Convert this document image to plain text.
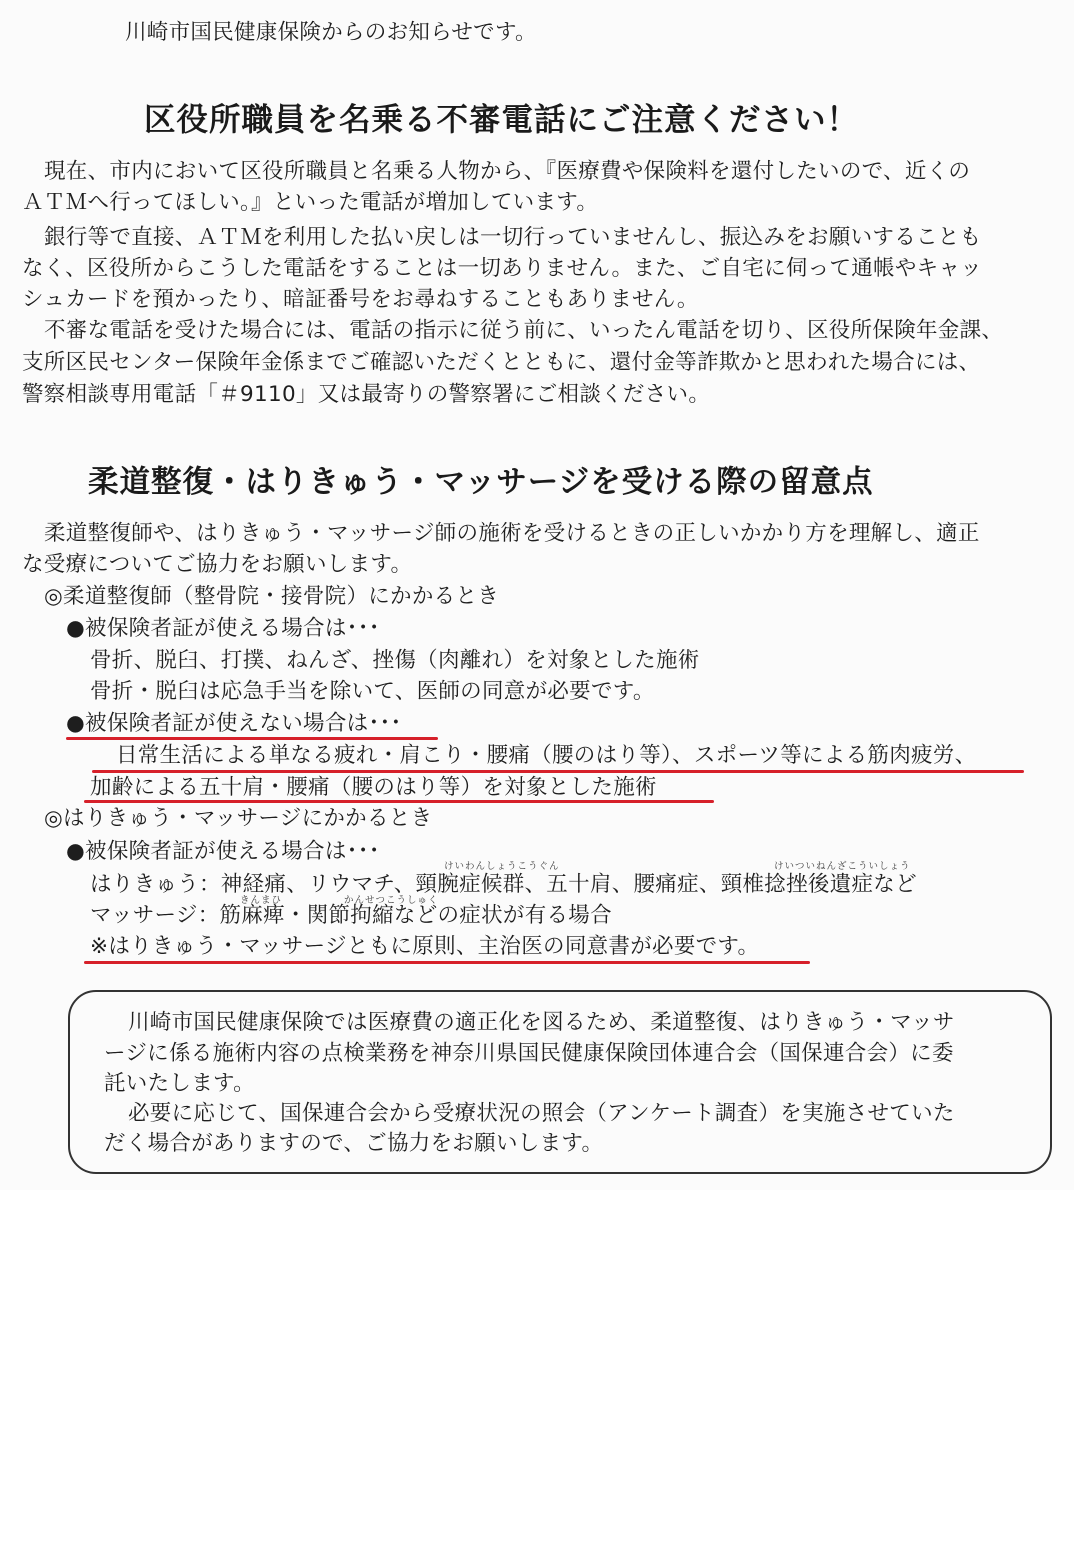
川崎市国民健康保険からのお知らせです。
区役所職員を名乗る不審電話にご注意ください！
現在、市内において区役所職員と名乗る人物から、『医療費や保険料を還付したいので、近くの
ＡＴＭへ行ってほしい。』といった電話が増加しています。
銀行等で直接、ＡＴＭを利用した払い戻しは一切行っていませんし、振込みをお願いすることも
なく、区役所からこうした電話をすることは一切ありません。また、ご自宅に伺って通帳やキャッ
シュカードを預かったり、暗証番号をお尋ねすることもありません。
不審な電話を受けた場合には、電話の指示に従う前に、いったん電話を切り、区役所保険年金課、
支所区民センター保険年金係までご確認いただくとともに、還付金等詐欺かと思われた場合には、
警察相談専用電話「＃9110」又は最寄りの警察署にご相談ください。
柔道整復・はりきゅう・マッサージを受ける際の留意点
柔道整復師や、はりきゅう・マッサージ師の施術を受けるときの正しいかかり方を理解し、適正
な受療についてご協力をお願いします。
◎柔道整復師（整骨院・接骨院）にかかるとき
●被保険者証が使える場合は･･･
骨折、脱臼、打撲、ねんざ、挫傷（肉離れ）を対象とした施術
骨折・脱臼は応急手当を除いて、医師の同意が必要です。
●被保険者証が使えない場合は･･･
日常生活による単なる疲れ・肩こり・腰痛（腰のはり等）、スポーツ等による筋肉疲労、
加齢による五十肩・腰痛（腰のはり等）を対象とした施術
◎はりきゅう・マッサージにかかるとき
●被保険者証が使える場合は･･･
けいわんしょうこうぐん	けいついねんざこういしょう
はりきゅう：神経痛、リウマチ、頸腕症候群、五十肩、腰痛症、頸椎捻挫後遺症など
きんまひ	かんせつこうしゅく
マッサージ：筋麻痺・関節拘縮などの症状が有る場合
※はりきゅう・マッサージともに原則、主治医の同意書が必要です。
川崎市国民健康保険では医療費の適正化を図るため、柔道整復、はりきゅう・マッサ
ージに係る施術内容の点検業務を神奈川県国民健康保険団体連合会（国保連合会）に委
託いたします。
必要に応じて、国保連合会から受療状況の照会（アンケート調査）を実施させていた
だく場合がありますので、ご協力をお願いします。
